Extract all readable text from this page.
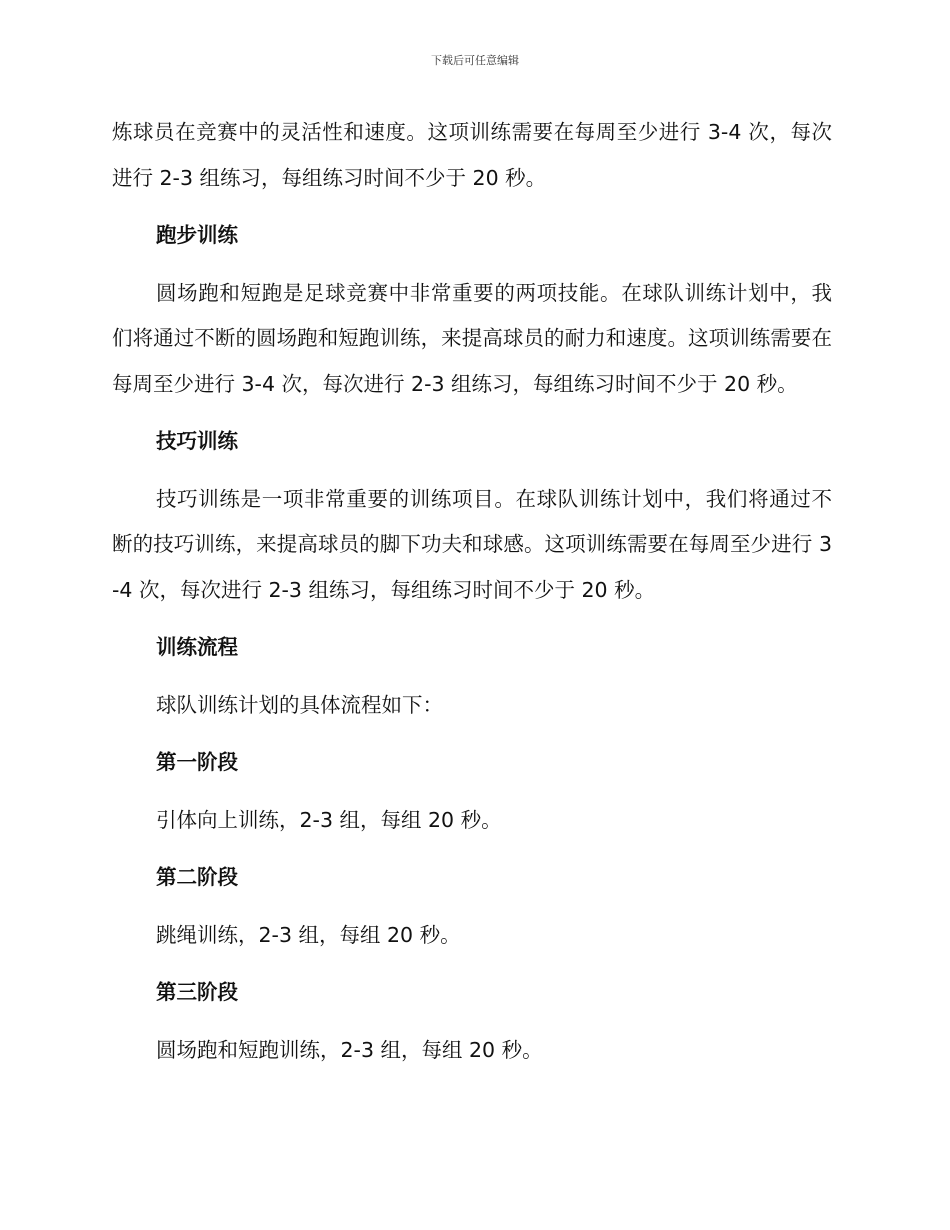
下载后可任意编辑

炼球员在竞赛中的灵活性和速度。这项训练需要在每周至少进行 3-4 次，每次进行 2-3 组练习，每组练习时间不少于 20 秒。

跑步训练

圆场跑和短跑是足球竞赛中非常重要的两项技能。在球队训练计划中，我们将通过不断的圆场跑和短跑训练，来提高球员的耐力和速度。这项训练需要在每周至少进行 3-4 次，每次进行 2-3 组练习，每组练习时间不少于 20 秒。

技巧训练

技巧训练是一项非常重要的训练项目。在球队训练计划中，我们将通过不断的技巧训练，来提高球员的脚下功夫和球感。这项训练需要在每周至少进行 3-4 次，每次进行 2-3 组练习，每组练习时间不少于 20 秒。

训练流程

球队训练计划的具体流程如下：

第一阶段

引体向上训练，2-3 组，每组 20 秒。

第二阶段

跳绳训练，2-3 组，每组 20 秒。

第三阶段

圆场跑和短跑训练，2-3 组，每组 20 秒。
